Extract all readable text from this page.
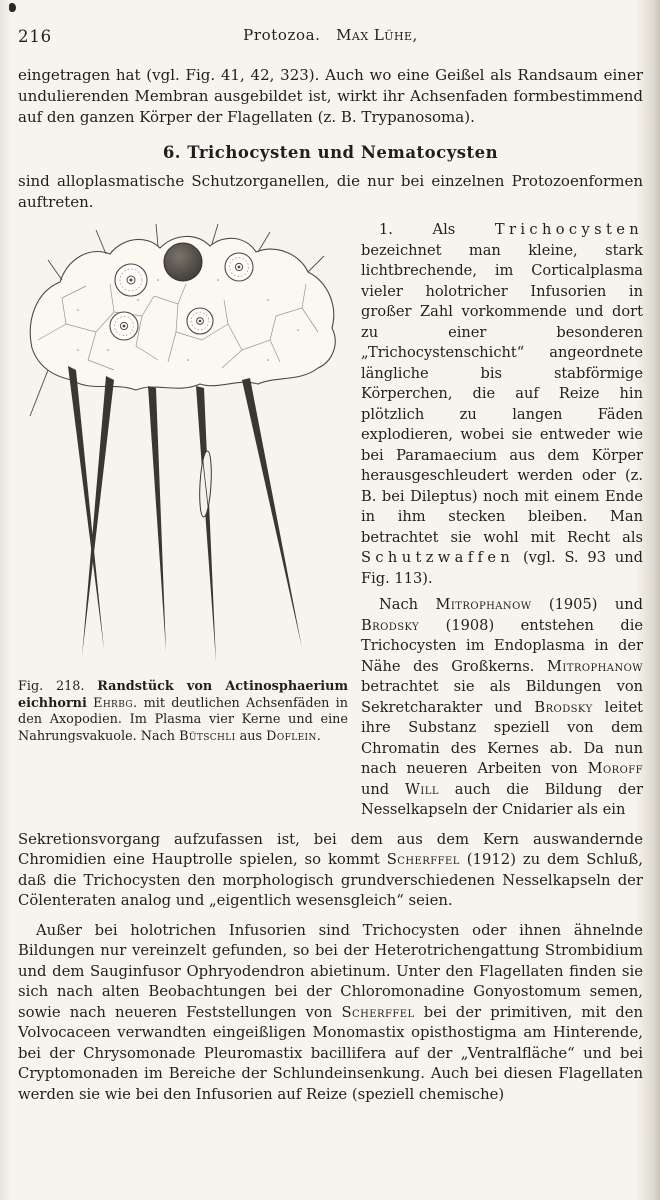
216	Protozoa. Max Lühe,

eingetragen hat (vgl. Fig. 41, 42, 323). Auch wo eine Geißel als Randsaum einer undulierenden Membran ausgebildet ist, wirkt ihr Achsenfaden formbestimmend auf den ganzen Körper der Flagellaten (z. B. Trypanosoma).

6. Trichocysten und Nematocysten

sind alloplasmatische Schutzorganellen, die nur bei einzelnen Protozoenformen auftreten.

Fig. 218. Randstück von Actinosphaerium eichhorni Ehrbg. mit deutlichen Achsenfäden in den Axopodien. Im Plasma vier Kerne und eine Nahrungsvakuole. Nach Bütschli aus Doflein.

1. Als Trichocysten bezeichnet man kleine, stark lichtbrechende, im Corticalplasma vieler holotricher Infusorien in großer Zahl vorkommende und dort zu einer besonderen „Trichocystenschicht“ angeordnete längliche bis stabförmige Körperchen, die auf Reize hin plötzlich zu langen Fäden explodieren, wobei sie entweder wie bei Paramaecium aus dem Körper herausgeschleudert werden oder (z. B. bei Dileptus) noch mit einem Ende in ihm stecken bleiben. Man betrachtet sie wohl mit Recht als Schutzwaffen (vgl. S. 93 und Fig. 113).

Nach Mitrophanow (1905) und Brodsky (1908) entstehen die Trichocysten im Endoplasma in der Nähe des Großkerns. Mitrophanow betrachtet sie als Bildungen von Sekretcharakter und Brodsky leitet ihre Substanz speziell von dem Chromatin des Kernes ab. Da nun nach neueren Arbeiten von Moroff und Will auch die Bildung der Nesselkapseln der Cnidarier als ein

Sekretionsvorgang aufzufassen ist, bei dem aus dem Kern auswandernde Chromidien eine Hauptrolle spielen, so kommt Scherffel (1912) zu dem Schluß, daß die Trichocysten den morphologisch grundverschiedenen Nesselkapseln der Cölenteraten analog und „eigentlich wesensgleich“ seien.

Außer bei holotrichen Infusorien sind Trichocysten oder ihnen ähnelnde Bildungen nur vereinzelt gefunden, so bei der Heterotrichengattung Strombidium und dem Sauginfusor Ophryodendron abietinum. Unter den Flagellaten finden sie sich nach alten Beobachtungen bei der Chloromonadine Gonyostomum semen, sowie nach neueren Feststellungen von Scherffel bei der primitiven, mit den Volvocaceen verwandten eingeißligen Monomastix opisthostigma am Hinterende, bei der Chrysomonade Pleuromastix bacillifera auf der „Ventralfläche“ und bei Cryptomonaden im Bereiche der Schlundeinsenkung. Auch bei diesen Flagellaten werden sie wie bei den Infusorien auf Reize (speziell chemische)
